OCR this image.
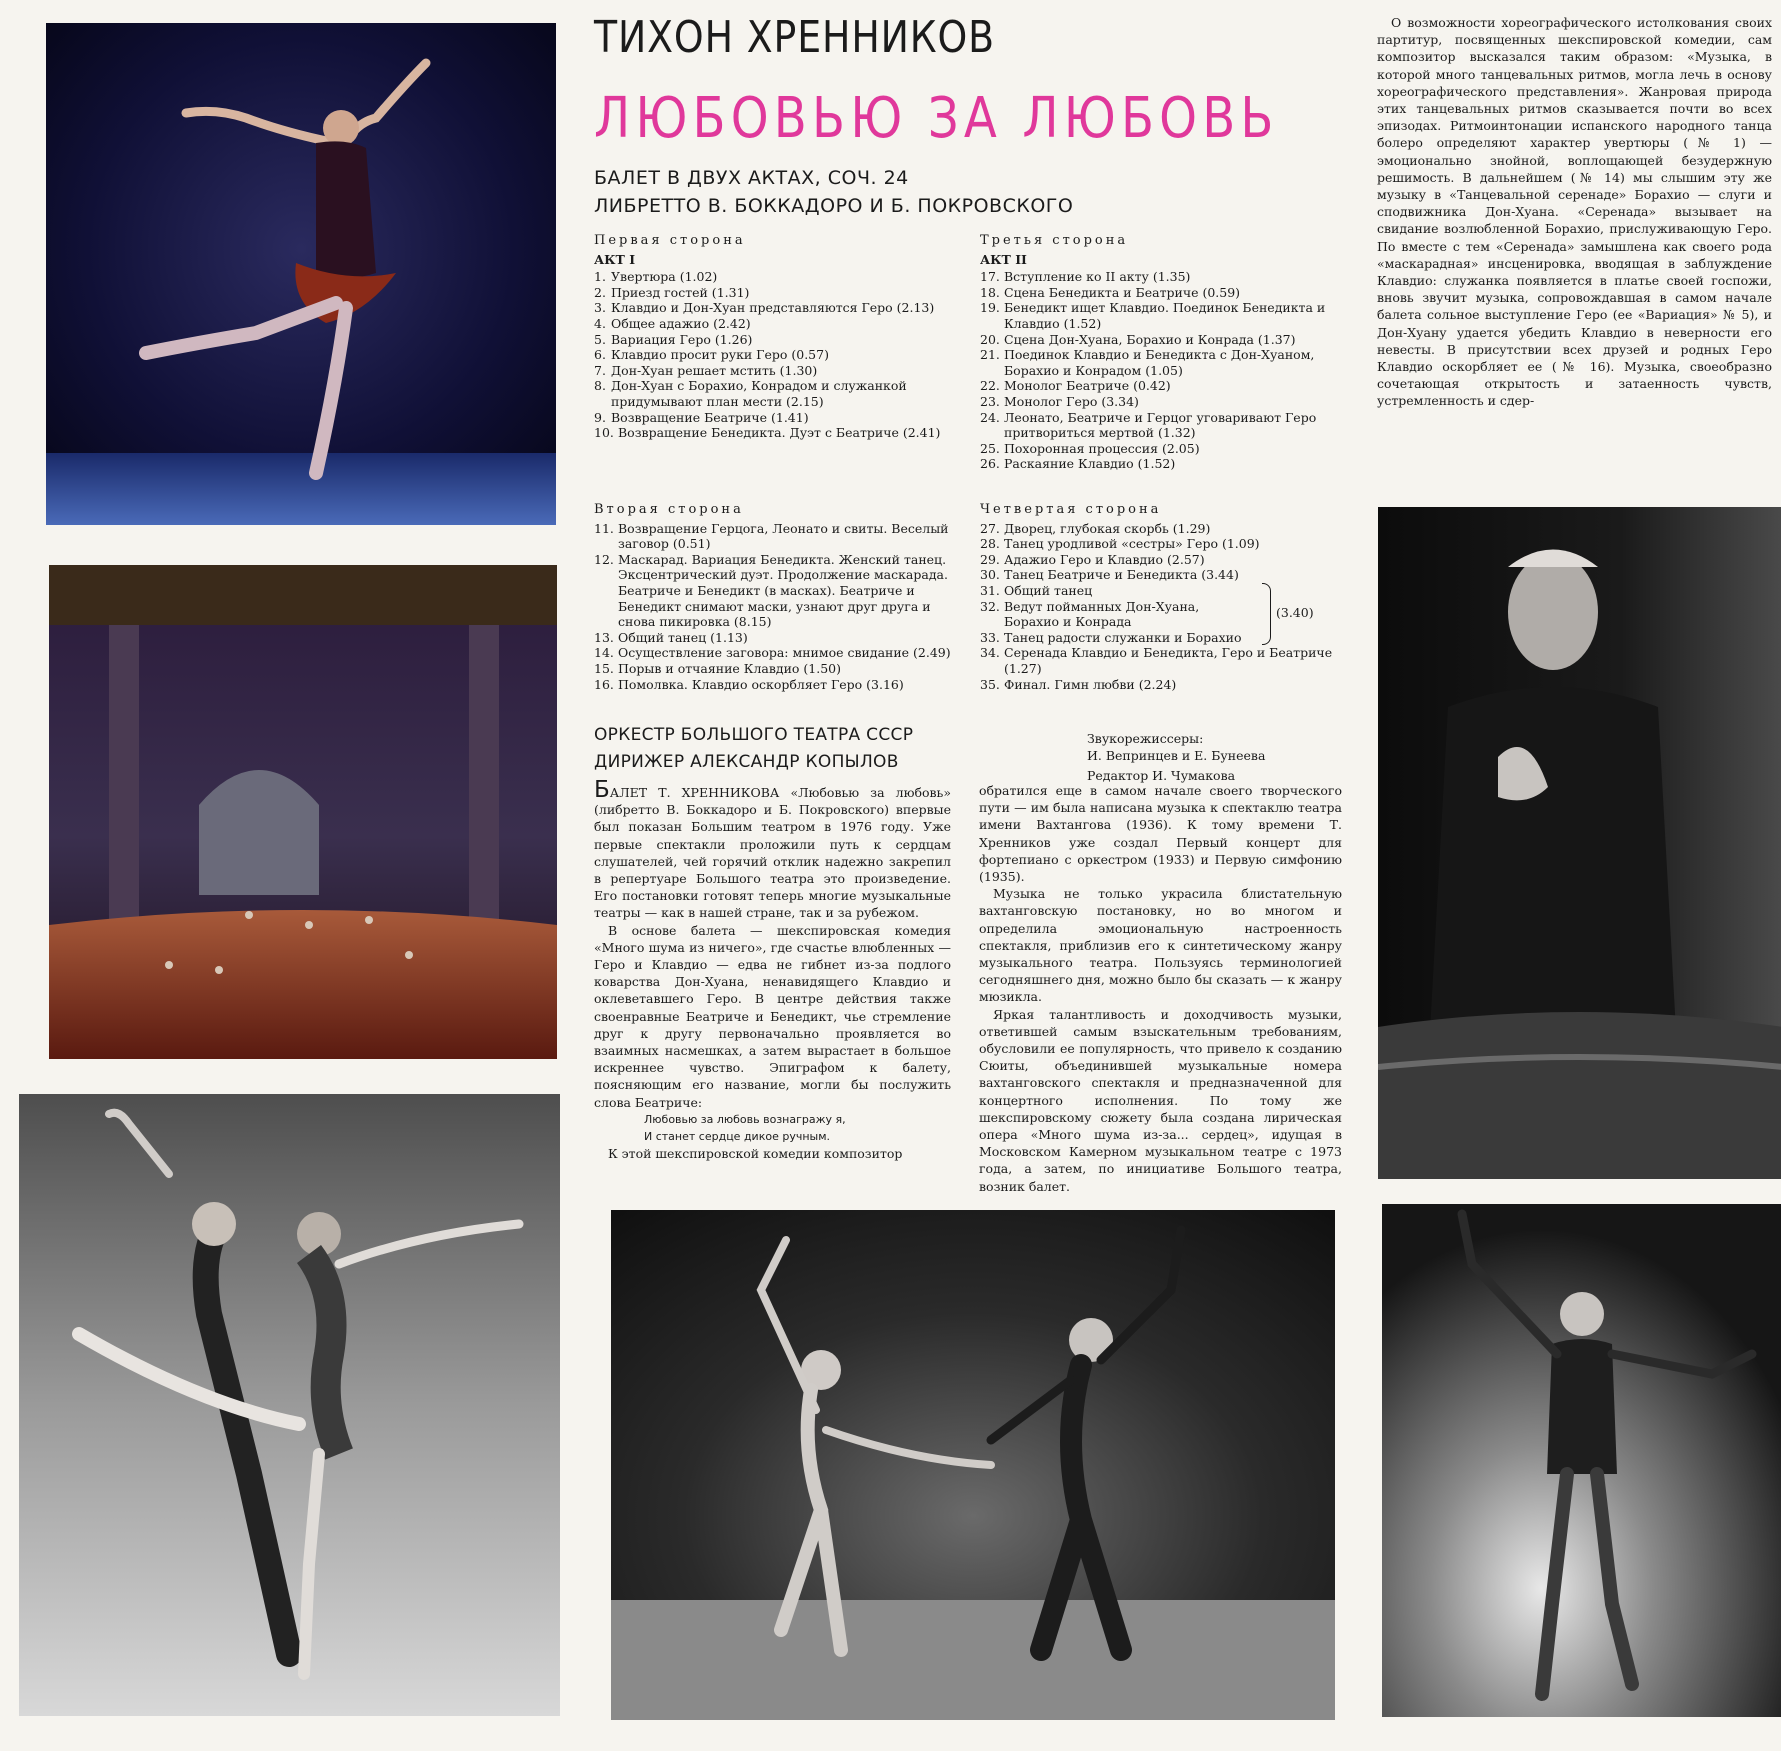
ТИХОН ХРЕННИКОВ
ЛЮБОВЬЮ ЗА ЛЮБОВЬ
БАЛЕТ В ДВУХ АКТАХ, СОЧ. 24
ЛИБРЕТТО В. БОККАДОРО И Б. ПОКРОВСКОГО
Первая сторона
АКТ I
1. Увертюра (1.02)
2. Приезд гостей (1.31)
3. Клавдио и Дон-Хуан представляются Геро (2.13)
4. Общее адажио (2.42)
5. Вариация Геро (1.26)
6. Клавдио просит руки Геро (0.57)
7. Дон-Хуан решает мстить (1.30)
8. Дон-Хуан с Борахио, Конрадом и служанкой придумывают план мести (2.15)
9. Возвращение Беатриче (1.41)
10. Возвращение Бенедикта. Дуэт с Беатриче (2.41)
Вторая сторона
11. Возвращение Герцога, Леонато и свиты. Веселый заговор (0.51)
12. Маскарад. Вариация Бенедикта. Женский танец. Эксцентрический дуэт. Продолжение маскарада. Беатриче и Бенедикт (в масках). Беатриче и Бенедикт снимают маски, узнают друг друга и снова пикировка (8.15)
13. Общий танец (1.13)
14. Осуществление заговора: мнимое свидание (2.49)
15. Порыв и отчаяние Клавдио (1.50)
16. Помолвка. Клавдио оскорбляет Геро (3.16)
Третья сторона
АКТ II
17. Вступление ко II акту (1.35)
18. Сцена Бенедикта и Беатриче (0.59)
19. Бенедикт ищет Клавдио. Поединок Бенедикта и Клавдио (1.52)
20. Сцена Дон-Хуана, Борахио и Конрада (1.37)
21. Поединок Клавдио и Бенедикта с Дон-Хуаном, Борахио и Конрадом (1.05)
22. Монолог Беатриче (0.42)
23. Монолог Геро (3.34)
24. Леонато, Беатриче и Герцог уговаривают Геро притвориться мертвой (1.32)
25. Похоронная процессия (2.05)
26. Раскаяние Клавдио (1.52)
Четвертая сторона
27. Дворец, глубокая скорбь (1.29)
28. Танец уродливой «сестры» Геро (1.09)
29. Адажио Геро и Клавдио (2.57)
30. Танец Беатриче и Бенедикта (3.44)
31. Общий танец
32. Ведут пойманных Дон-Хуана, Борахио и Конрада
33. Танец радости служанки и Борахио
(3.40)
34. Серенада Клавдио и Бенедикта, Геро и Беатриче (1.27)
35. Финал. Гимн любви (2.24)
ОРКЕСТР БОЛЬШОГО ТЕАТРА СССР
ДИРИЖЕР АЛЕКСАНДР КОПЫЛОВ
Звукорежиссеры:
И. Вепринцев и Е. Бунеева
Редактор И. Чумакова

БАЛЕТ Т. ХРЕННИКОВА «Любовью за любовь» (либретто В. Боккадоро и Б. Покровского) впервые был показан Большим театром в 1976 году. Уже первые спектакли проложили путь к сердцам слушателей, чей горячий отклик надежно закрепил в репертуаре Большого театра это произведение. Его постановки готовят теперь многие музыкальные театры — как в нашей стране, так и за рубежом.

В основе балета — шекспировская комедия «Много шума из ничего», где счастье влюбленных — Геро и Клавдио — едва не гибнет из-за подлого коварства Дон-Хуана, ненавидящего Клавдио и оклеветавшего Геро. В центре действия также своенравные Беатриче и Бенедикт, чье стремление друг к другу первоначально проявляется во взаимных насмешках, а затем вырастает в большое искреннее чувство. Эпиграфом к балету, поясняющим его название, могли бы послужить слова Беатриче:

Любовью за любовь вознагражу я,
И станет сердце дикое ручным.

К этой шекспировской комедии композитор

обратился еще в самом начале своего творческого пути — им была написана музыка к спектаклю театра имени Вахтангова (1936). К тому времени Т. Хренников уже создал Первый концерт для фортепиано с оркестром (1933) и Первую симфонию (1935).

Музыка не только украсила блистательную вахтанговскую постановку, но во многом и определила эмоциональную настроенность спектакля, приблизив его к синтетическому жанру музыкального театра. Пользуясь терминологией сегодняшнего дня, можно было бы сказать — к жанру мюзикла.

Яркая талантливость и доходчивость музыки, ответившей самым взыскательным требованиям, обусловили ее популярность, что привело к созданию Сюиты, объединившей музыкальные номера вахтанговского спектакля и предназначенной для концертного исполнения. По тому же шекспировскому сюжету была создана лирическая опера «Много шума из-за... сердец», идущая в Московском Камерном музыкальном театре с 1973 года, а затем, по инициативе Большого театра, возник балет.

О возможности хореографического истолкования своих партитур, посвященных шекспировской комедии, сам композитор высказался таким образом: «Музыка, в которой много танцевальных ритмов, могла лечь в основу хореографического представления». Жанровая природа этих танцевальных ритмов сказывается почти во всех эпизодах. Ритмоинтонации испанского народного танца болеро определяют характер увертюры (№ 1) — эмоционально знойной, воплощающей безудержную решимость. В дальнейшем (№ 14) мы слышим эту же музыку в «Танцевальной серенаде» Борахио — слуги и сподвижника Дон-Хуана. «Серенада» вызывает на свидание возлюбленной Борахио, прислуживающую Геро. По вместе с тем «Серенада» замышлена как своего рода «маскарадная» инсценировка, вводящая в заблуждение Клавдио: служанка появляется в платье своей госпожи, вновь звучит музыка, сопровождавшая в самом начале балета сольное выступление Геро (ее «Вариация» № 5), и Дон-Хуану удается убедить Клавдио в неверности его невесты. В присутствии всех друзей и родных Геро Клавдио оскорбляет ее (№ 16). Музыка, своеобразно сочетающая открытость и затаенность чувств, устремленность и сдер-
